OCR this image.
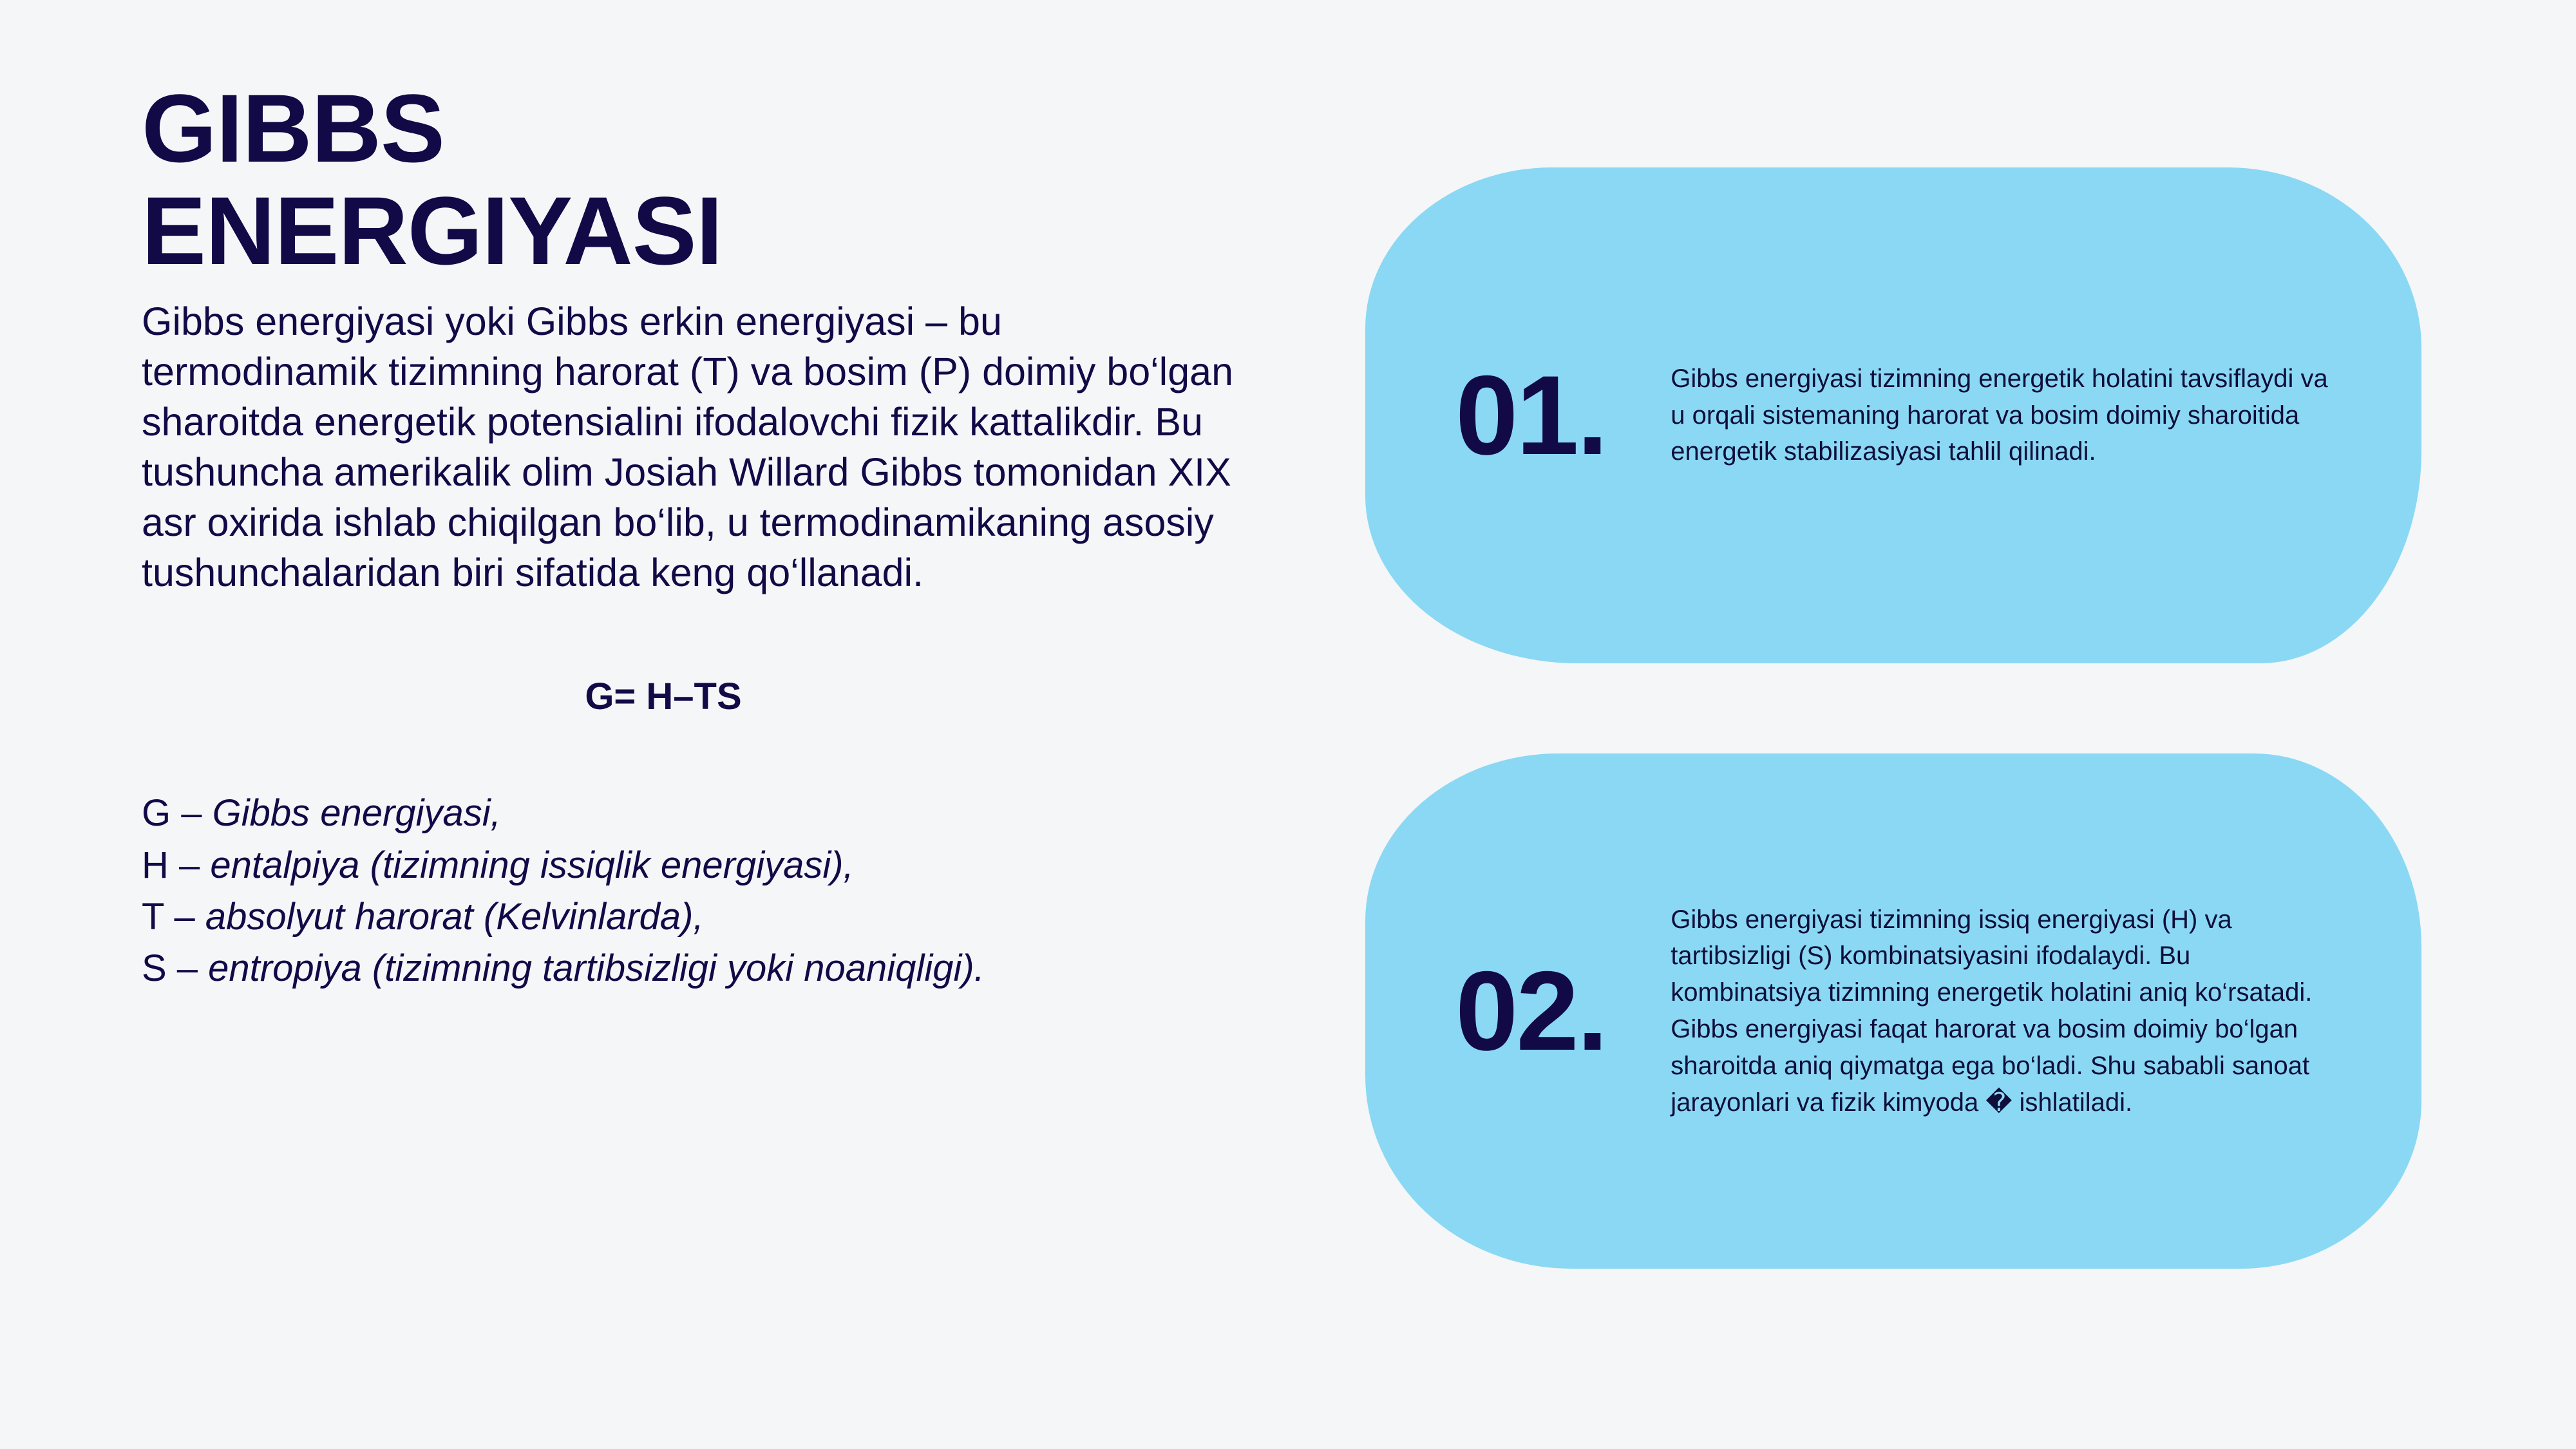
GIBBS ENERGIYASI

Gibbs energiyasi yoki Gibbs erkin energiyasi – bu termodinamik tizimning harorat (T) va bosim (P) doimiy bo‘lgan sharoitda energetik potensialini ifodalovchi fizik kattalikdir. Bu tushuncha amerikalik olim Josiah Willard Gibbs tomonidan XIX asr oxirida ishlab chiqilgan bo‘lib, u termodinamikaning asosiy tushunchalaridan biri sifatida keng qo‘llanadi.

G= H–TS
G – Gibbs energiyasi,
H – entalpiya (tizimning issiqlik energiyasi),
T – absolyut harorat (Kelvinlarda),
S – entropiya (tizimning tartibsizligi yoki noaniqligi).
01.	Gibbs energiyasi tizimning energetik holatini tavsiflaydi va u orqali sistemaning harorat va bosim doimiy sharoitida energetik stabilizasiyasi tahlil qilinadi.

02.

Gibbs energiyasi tizimning issiq energiyasi (H) va tartibsizligi (S) kombinatsiyasini ifodalaydi. Bu kombinatsiya tizimning energetik holatini aniq ko‘rsatadi.

Gibbs energiyasi faqat harorat va bosim doimiy bo‘lgan sharoitda aniq qiymatga ega bo‘ladi. Shu sababli sanoat jarayonlari va fizik kimyoda � ishlatiladi.
